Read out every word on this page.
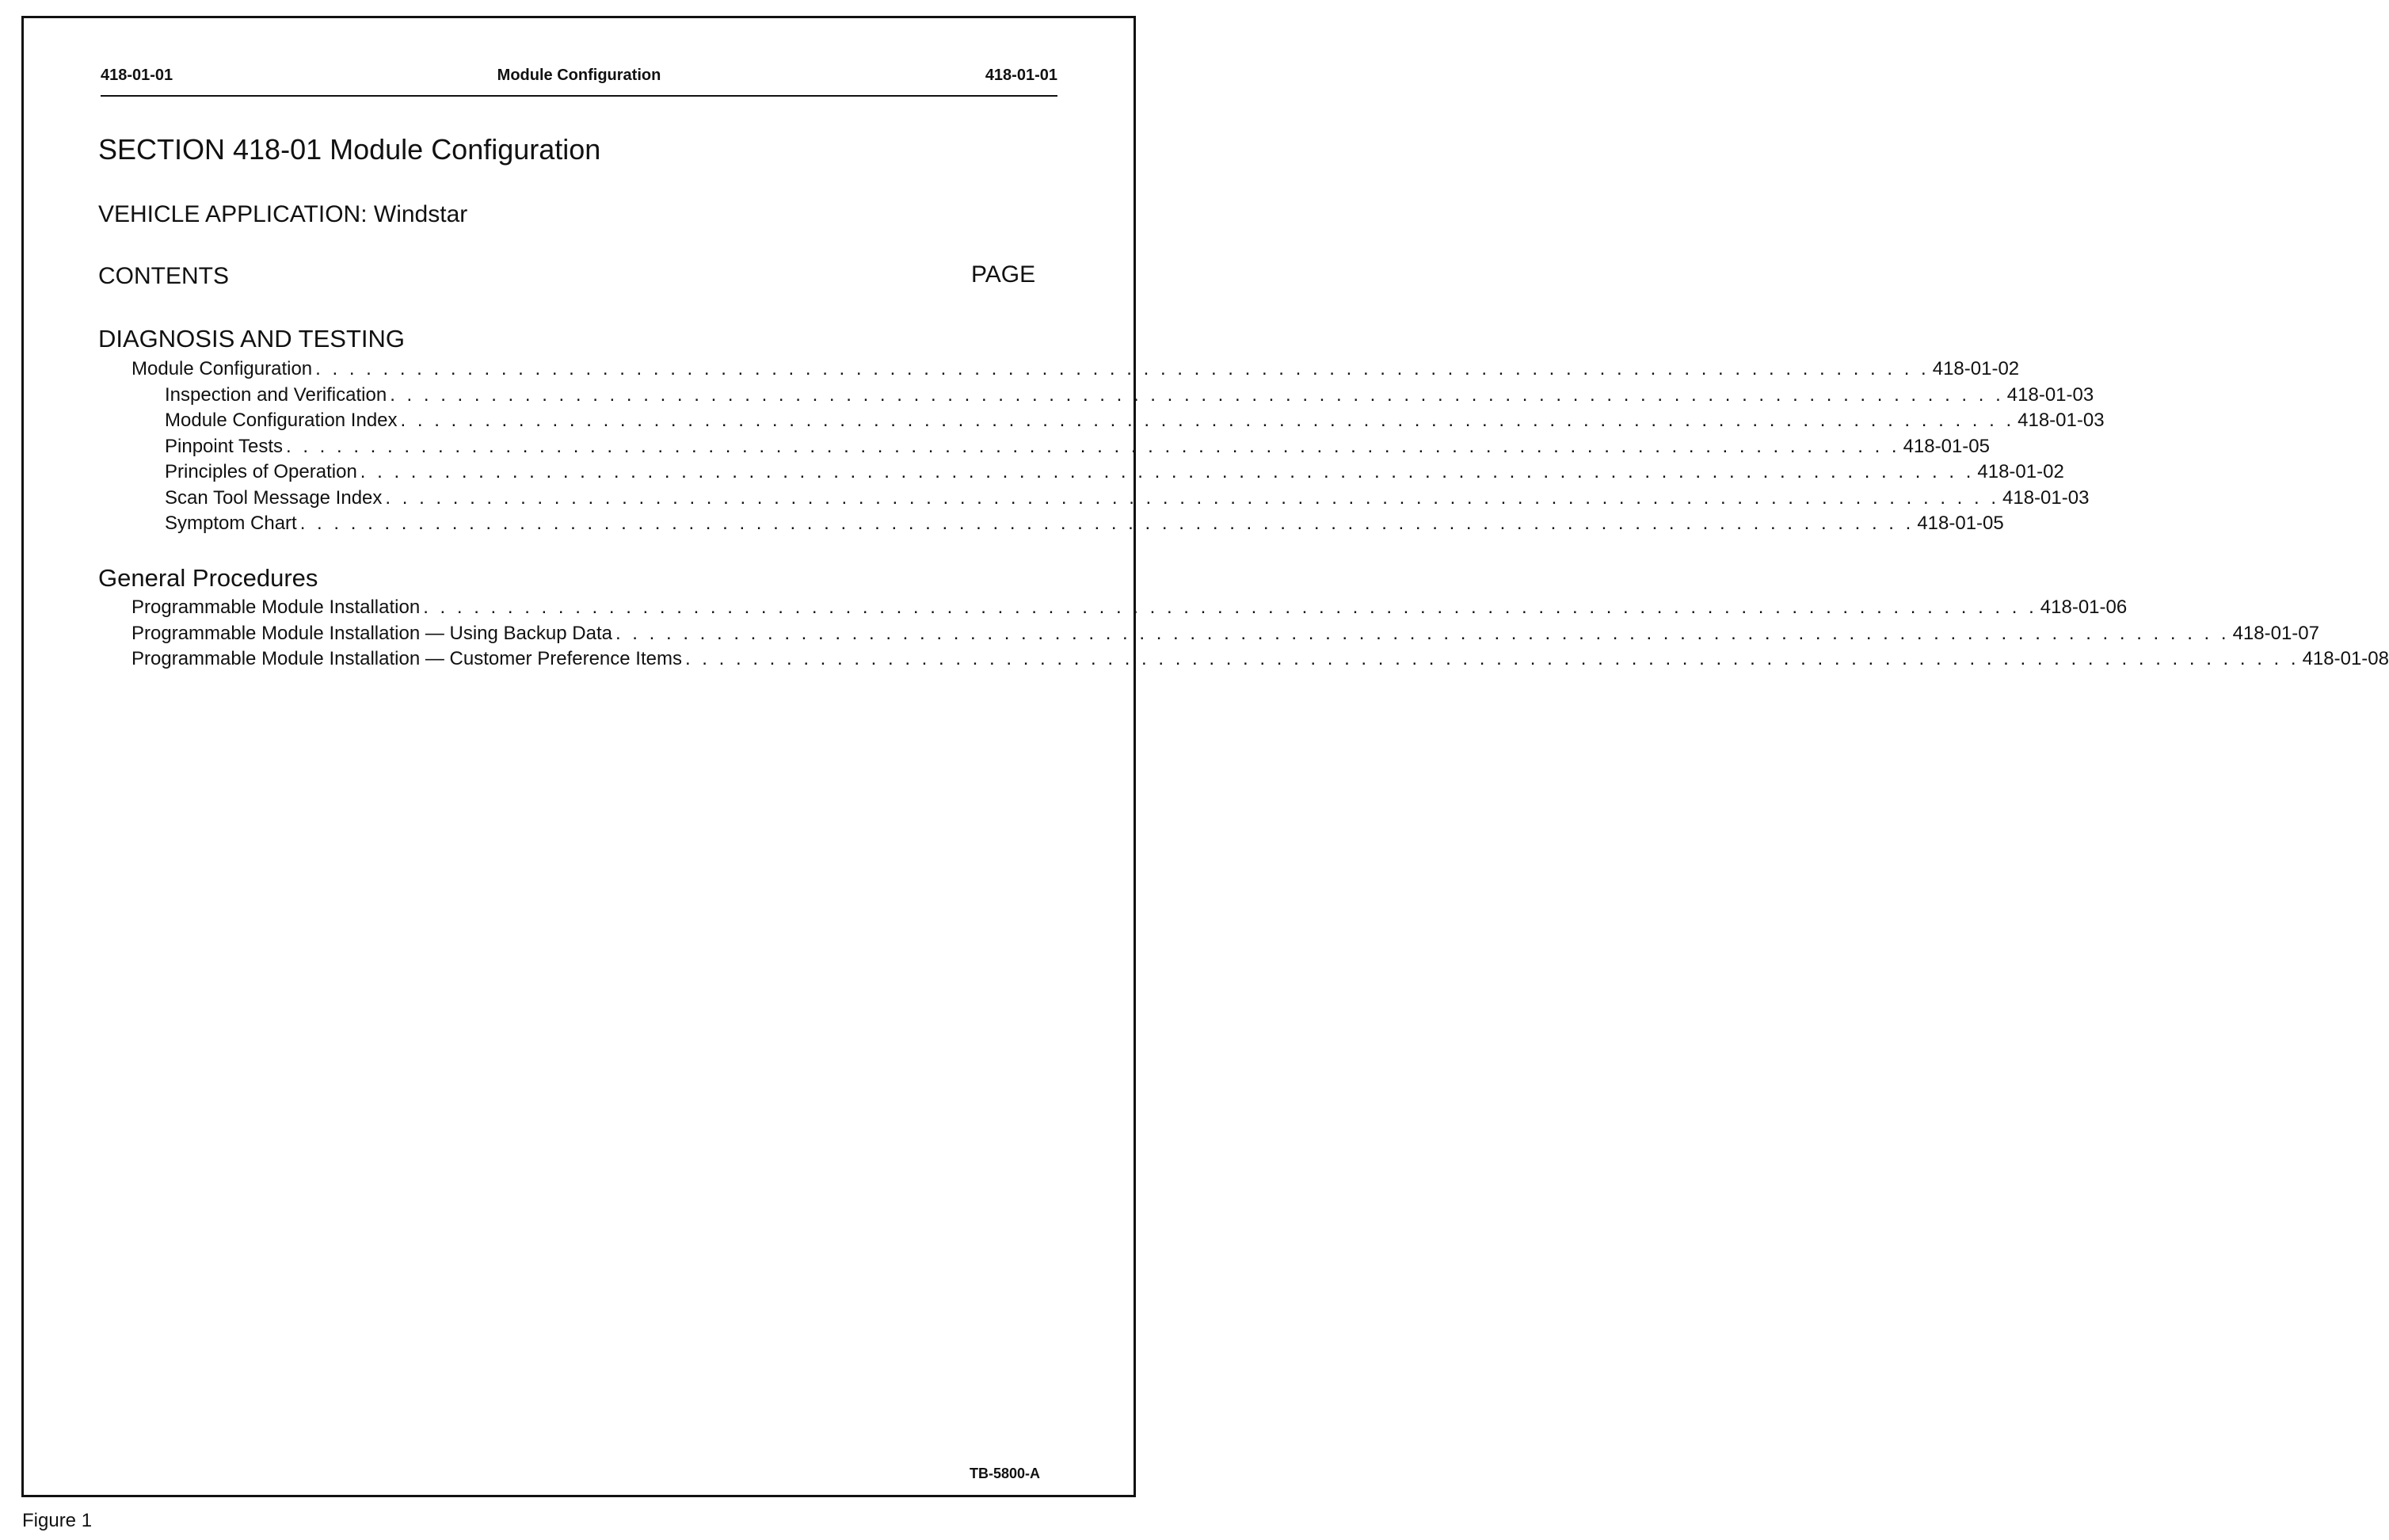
418-01-01	Module Configuration	418-01-01
SECTION 418-01 Module Configuration
VEHICLE APPLICATION: Windstar
CONTENTS	PAGE
DIAGNOSIS AND TESTING
Module Configuration . . . . . . . . . . . . . . . . . . . . . . . . . . . . . . . . . . . . . . . . . . . . . . . . . . . . . . . . . . . . . . . . . . . . . . . . . . . . . . . . . . . . . . . . . . . . . . . . 418-01-02
Inspection and Verification . . . . . . . . . . . . . . . . . . . . . . . . . . . . . . . . . . . . . . . . . . . . . . . . . . . . . . . . . . . . . . . . . . . . . . . . . . . . . . . . . . . . . . . . . . . . . . . . 418-01-03
Module Configuration Index . . . . . . . . . . . . . . . . . . . . . . . . . . . . . . . . . . . . . . . . . . . . . . . . . . . . . . . . . . . . . . . . . . . . . . . . . . . . . . . . . . . . . . . . . . . . . . . . 418-01-03
Pinpoint Tests . . . . . . . . . . . . . . . . . . . . . . . . . . . . . . . . . . . . . . . . . . . . . . . . . . . . . . . . . . . . . . . . . . . . . . . . . . . . . . . . . . . . . . . . . . . . . . . . 418-01-05
Principles of Operation . . . . . . . . . . . . . . . . . . . . . . . . . . . . . . . . . . . . . . . . . . . . . . . . . . . . . . . . . . . . . . . . . . . . . . . . . . . . . . . . . . . . . . . . . . . . . . . . 418-01-02
Scan Tool Message Index . . . . . . . . . . . . . . . . . . . . . . . . . . . . . . . . . . . . . . . . . . . . . . . . . . . . . . . . . . . . . . . . . . . . . . . . . . . . . . . . . . . . . . . . . . . . . . . . 418-01-03
Symptom Chart . . . . . . . . . . . . . . . . . . . . . . . . . . . . . . . . . . . . . . . . . . . . . . . . . . . . . . . . . . . . . . . . . . . . . . . . . . . . . . . . . . . . . . . . . . . . . . . . 418-01-05
General Procedures
Programmable Module Installation . . . . . . . . . . . . . . . . . . . . . . . . . . . . . . . . . . . . . . . . . . . . . . . . . . . . . . . . . . . . . . . . . . . . . . . . . . . . . . . . . . . . . . . . . . . . . . . . 418-01-06
Programmable Module Installation — Using Backup Data . . . . . . . . . . . . . . . . . . . . . . . . . . . . . . . . . . . . . . . . . . . . . . . . . . . . . . . . . . . . . . . . . . . . . . . . . . . . . . . . . . . . . . . . . . . . . . . . 418-01-07
Programmable Module Installation — Customer Preference Items . . . . . . . . . . . . . . . . . . . . . . . . . . . . . . . . . . . . . . . . . . . . . . . . . . . . . . . . . . . . . . . . . . . . . . . . . . . . . . . . . . . . . . . . . . . . . . . . 418-01-08
TB-5800-A
Figure 1
